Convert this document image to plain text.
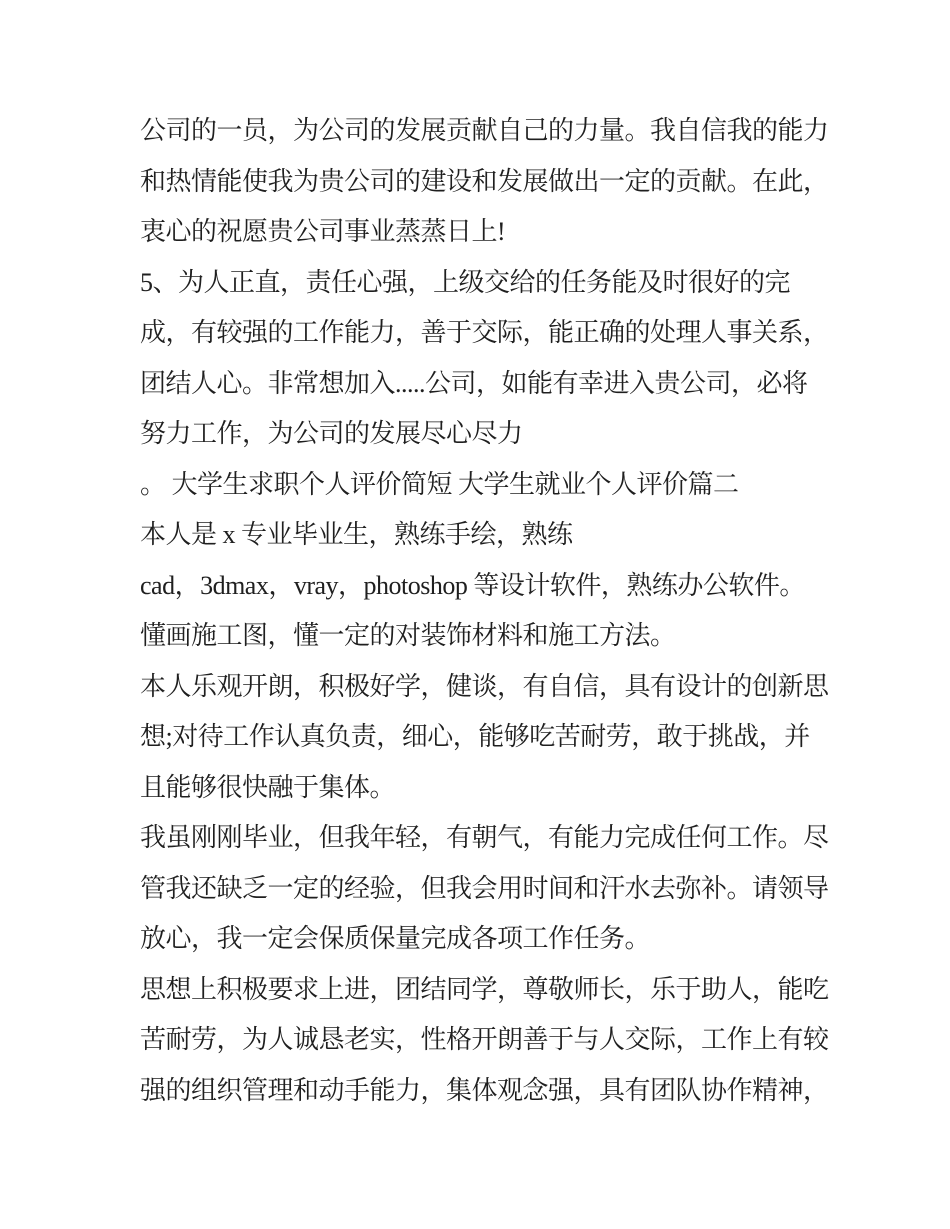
公司的一员，为公司的发展贡献自己的力量。我自信我的能力
和热情能使我为贵公司的建设和发展做出一定的贡献。在此，
衷心的祝愿贵公司事业蒸蒸日上!
5、为人正直，责任心强，上级交给的任务能及时很好的完
成，有较强的工作能力，善于交际，能正确的处理人事关系，
团结人心。非常想加入.....公司，如能有幸进入贵公司，必将
努力工作，为公司的发展尽心尽力
。 大学生求职个人评价简短 大学生就业个人评价篇二
本人是 x 专业毕业生，熟练手绘，熟练
cad，3dmax，vray，photoshop 等设计软件，熟练办公软件。
懂画施工图，懂一定的对装饰材料和施工方法。
本人乐观开朗，积极好学，健谈，有自信，具有设计的创新思
想;对待工作认真负责，细心，能够吃苦耐劳，敢于挑战，并
且能够很快融于集体。
我虽刚刚毕业，但我年轻，有朝气，有能力完成任何工作。尽
管我还缺乏一定的经验，但我会用时间和汗水去弥补。请领导
放心，我一定会保质保量完成各项工作任务。
思想上积极要求上进，团结同学，尊敬师长，乐于助人，能吃
苦耐劳，为人诚恳老实，性格开朗善于与人交际，工作上有较
强的组织管理和动手能力，集体观念强，具有团队协作精神，
